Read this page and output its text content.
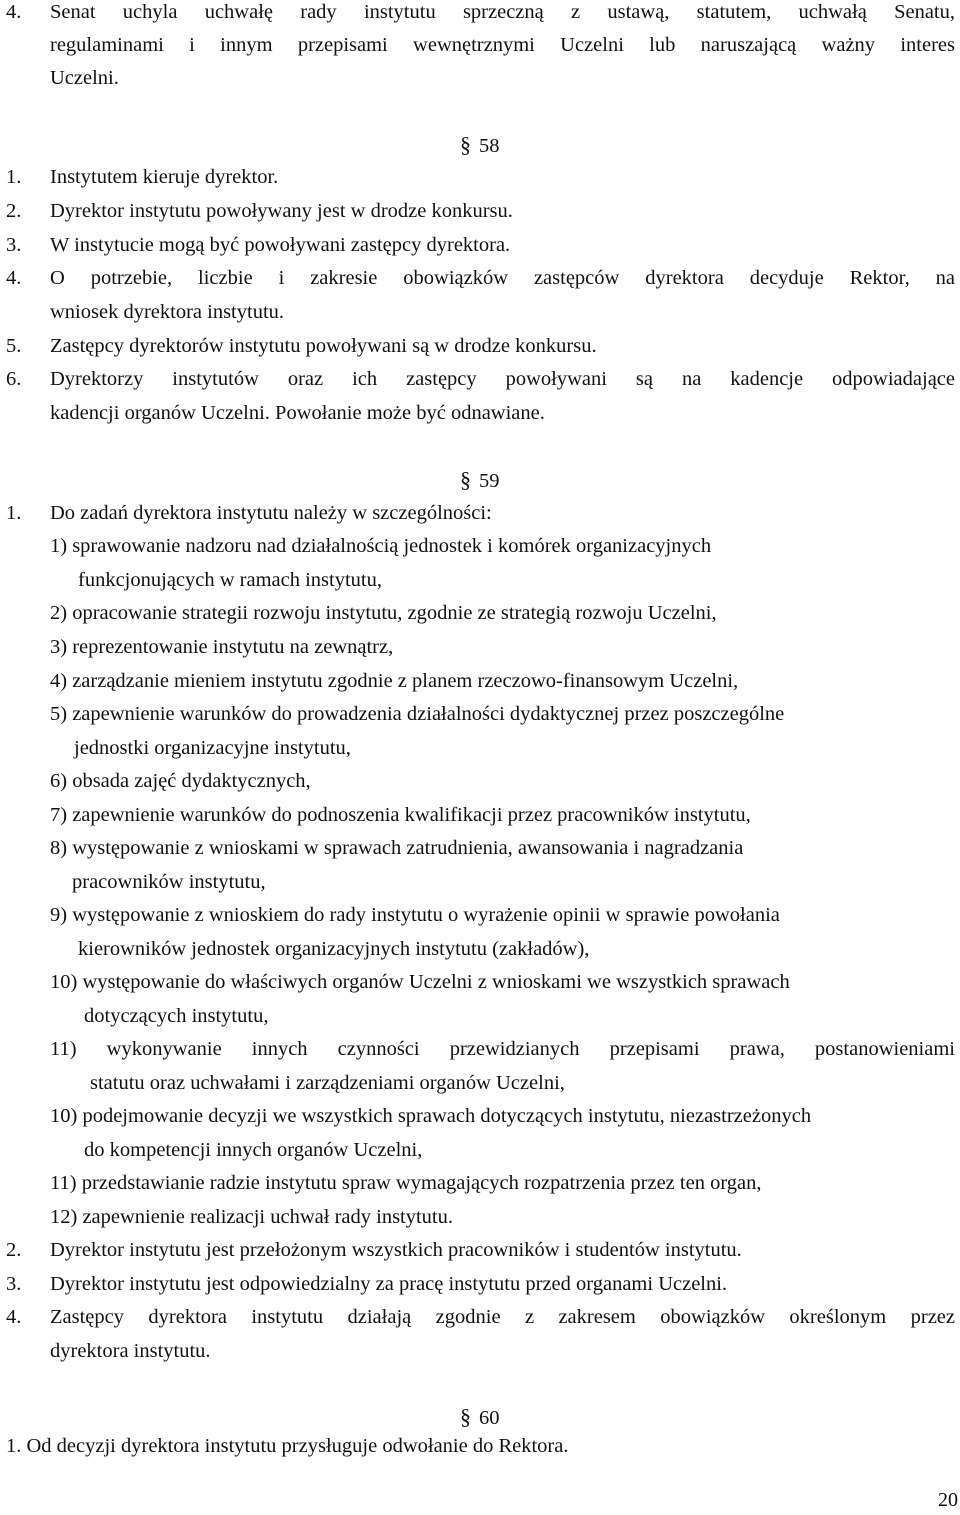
4. Senat uchyla uchwałę rady instytutu sprzeczną z ustawą, statutem, uchwałą Senatu,
regulaminami i innym przepisami wewnętrznymi Uczelni lub naruszającą ważny interes
Uczelni.
§ 58
1. Instytutem kieruje dyrektor.
2. Dyrektor instytutu powoływany jest w drodze konkursu.
3. W instytucie mogą być powoływani zastępcy dyrektora.
4. O potrzebie, liczbie i zakresie obowiązków zastępców dyrektora decyduje Rektor, na
wniosek dyrektora instytutu.
5. Zastępcy dyrektorów instytutu powoływani są w drodze konkursu.
6. Dyrektorzy instytutów oraz ich zastępcy powoływani są na kadencje odpowiadające
kadencji organów Uczelni. Powołanie może być odnawiane.
§ 59
1. Do zadań dyrektora instytutu należy w szczególności:
1) sprawowanie nadzoru nad działalnością jednostek i komórek organizacyjnych
funkcjonujących w ramach instytutu,
2) opracowanie strategii rozwoju instytutu, zgodnie ze strategią rozwoju Uczelni,
3) reprezentowanie instytutu na zewnątrz,
4) zarządzanie mieniem instytutu zgodnie z planem rzeczowo-finansowym Uczelni,
5) zapewnienie warunków do prowadzenia działalności dydaktycznej przez poszczególne
jednostki organizacyjne instytutu,
6) obsada zajęć dydaktycznych,
7) zapewnienie warunków do podnoszenia kwalifikacji przez pracowników instytutu,
8) występowanie z wnioskami w sprawach zatrudnienia, awansowania i nagradzania
pracowników instytutu,
9) występowanie z wnioskiem do rady instytutu o wyrażenie opinii w sprawie powołania
kierowników jednostek organizacyjnych instytutu (zakładów),
10) występowanie do właściwych organów Uczelni z wnioskami we wszystkich sprawach
dotyczących instytutu,
11) wykonywanie innych czynności przewidzianych przepisami prawa, postanowieniami
statutu oraz uchwałami i zarządzeniami organów Uczelni,
10) podejmowanie decyzji we wszystkich sprawach dotyczących instytutu, niezastrzeżonych
do kompetencji innych organów Uczelni,
11) przedstawianie radzie instytutu spraw wymagających rozpatrzenia przez ten organ,
12) zapewnienie realizacji uchwał rady instytutu.
2. Dyrektor instytutu jest przełożonym wszystkich pracowników i studentów instytutu.
3. Dyrektor instytutu jest odpowiedzialny za pracę instytutu przed organami Uczelni.
4. Zastępcy dyrektora instytutu działają zgodnie z zakresem obowiązków określonym przez
dyrektora instytutu.
§ 60
1. Od decyzji dyrektora instytutu przysługuje odwołanie do Rektora.
20
